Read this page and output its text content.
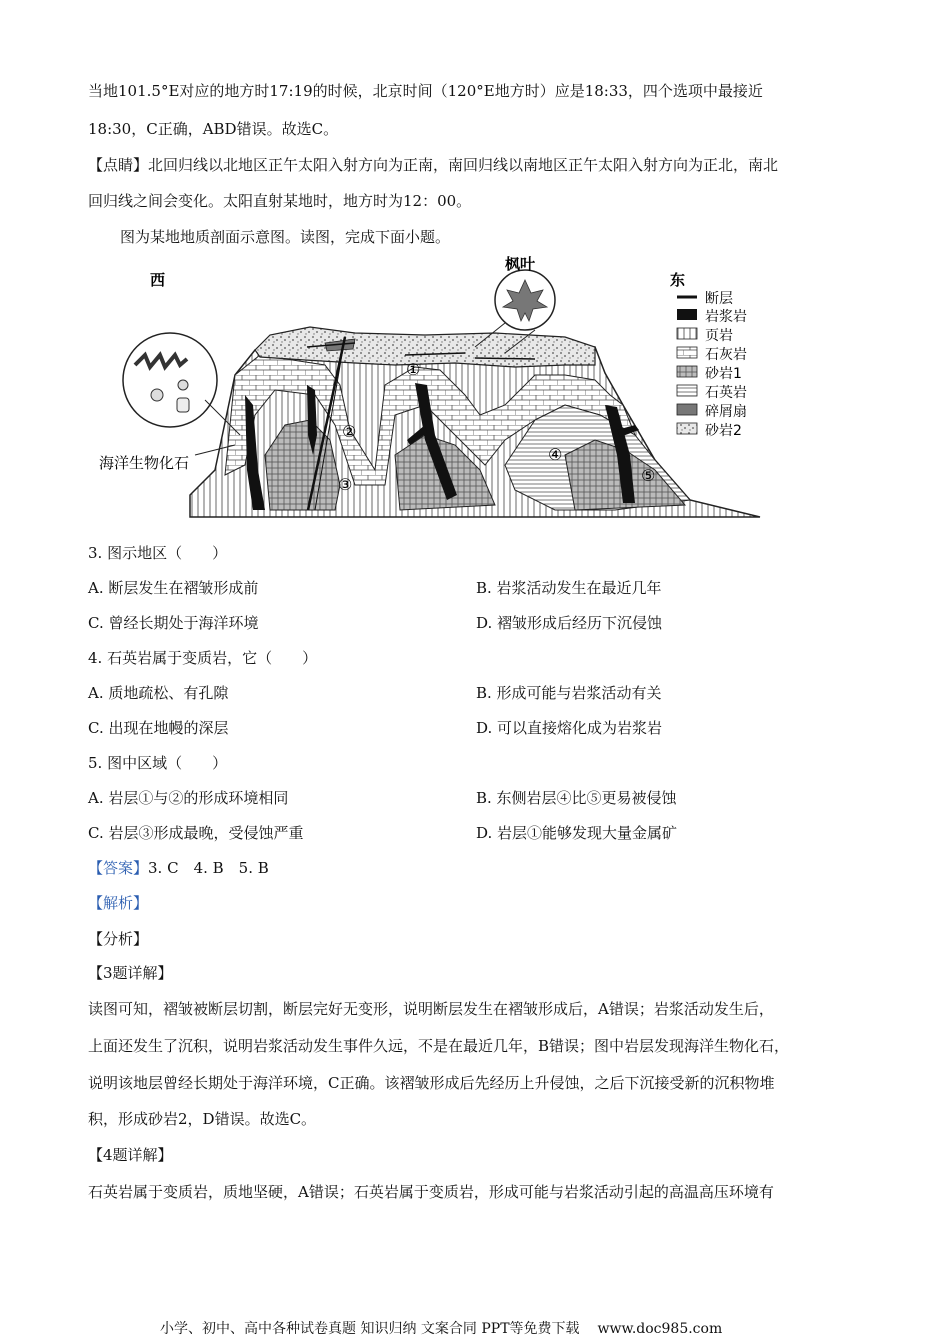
当地101.5°E对应的地方时17:19的时候，北京时间（120°E地方时）应是18:33，四个选项中最接近
18:30，C正确，ABD错误。故选C。
【点睛】北回归线以北地区正午太阳入射方向为正南，南回归线以南地区正午太阳入射方向为正北，南北
回归线之间会变化。太阳直射某地时，地方时为12：00。
图为某地地质剖面示意图。读图，完成下面小题。
西	东
枫叶
海洋生物化石
①
②
③
④
⑤
断层
岩浆岩
页岩
石灰岩
砂岩1
石英岩
碎屑扇
砂岩2
3. 图示地区（　　）
A. 断层发生在褶皱形成前	B. 岩浆活动发生在最近几年
C. 曾经长期处于海洋环境	D. 褶皱形成后经历下沉侵蚀
4. 石英岩属于变质岩，它（　　）
A. 质地疏松、有孔隙	B. 形成可能与岩浆活动有关
C. 出现在地幔的深层	D. 可以直接熔化成为岩浆岩
5. 图中区域（　　）
A. 岩层①与②的形成环境相同	B. 东侧岩层④比⑤更易被侵蚀
C. 岩层③形成最晚，受侵蚀严重	D. 岩层①能够发现大量金属矿
【答案】3. C　4. B　5. B
【解析】
【分析】
【3题详解】
读图可知，褶皱被断层切割，断层完好无变形，说明断层发生在褶皱形成后，A错误；岩浆活动发生后，
上面还发生了沉积，说明岩浆活动发生事件久远，不是在最近几年，B错误；图中岩层发现海洋生物化石，
说明该地层曾经长期处于海洋环境，C正确。该褶皱形成后先经历上升侵蚀，之后下沉接受新的沉积物堆
积，形成砂岩2，D错误。故选C。
【4题详解】
石英岩属于变质岩，质地坚硬，A错误；石英岩属于变质岩，形成可能与岩浆活动引起的高温高压环境有
小学、初中、高中各种试卷真题 知识归纳 文案合同 PPT等免费下载 www.doc985.com
